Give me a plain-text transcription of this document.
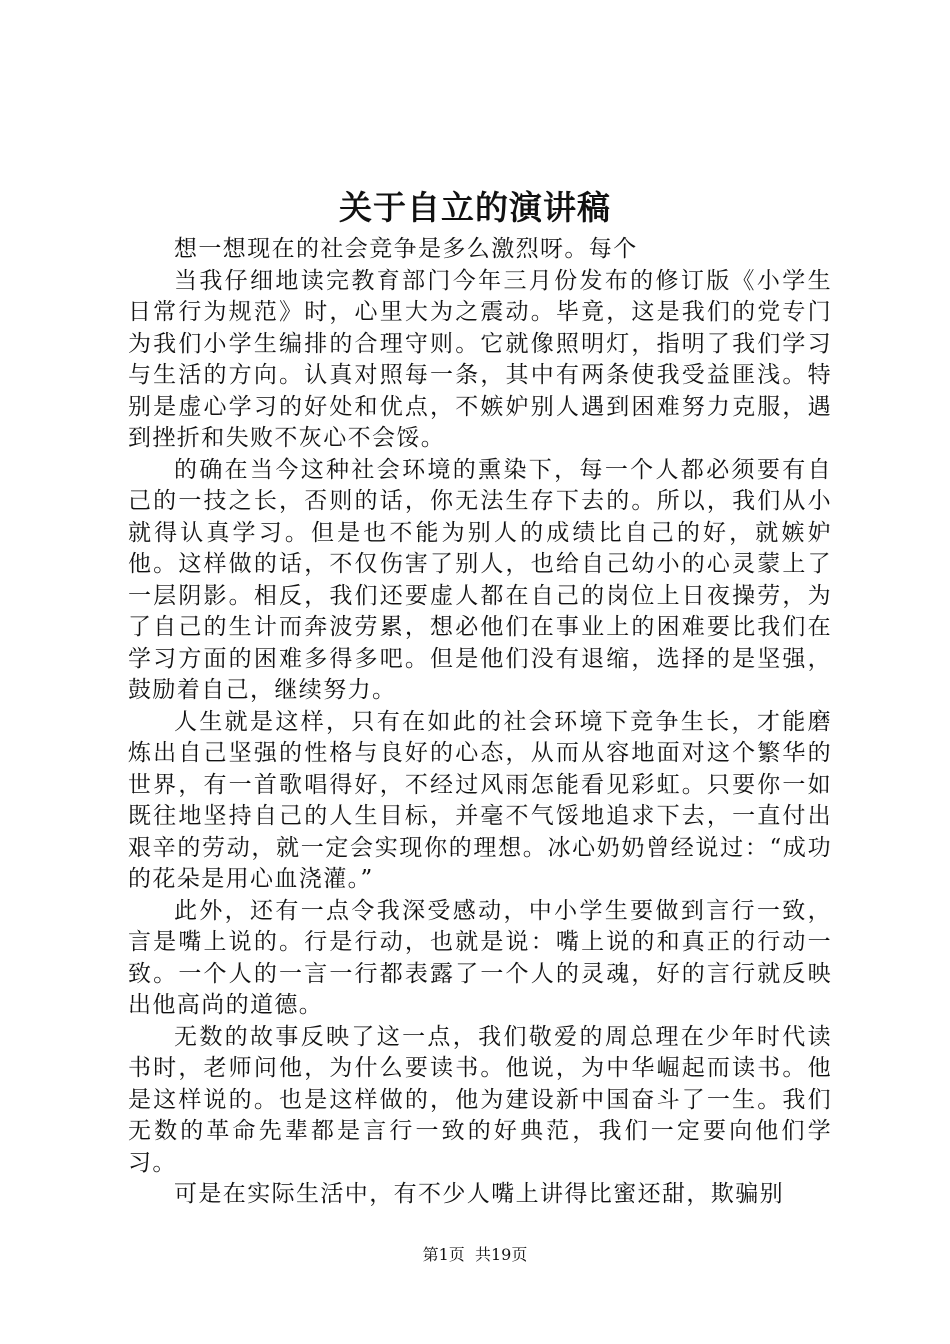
关于自立的演讲稿

想一想现在的社会竞争是多么激烈呀。每个

当我仔细地读完教育部门今年三月份发布的修订版《小学生日常行为规范》时，心里大为之震动。毕竟，这是我们的党专门为我们小学生编排的合理守则。它就像照明灯，指明了我们学习与生活的方向。认真对照每一条，其中有两条使我受益匪浅。特别是虚心学习的好处和优点，不嫉妒别人遇到困难努力克服，遇到挫折和失败不灰心不会馁。

的确在当今这种社会环境的熏染下，每一个人都必须要有自己的一技之长，否则的话，你无法生存下去的。所以，我们从小就得认真学习。但是也不能为别人的成绩比自己的好，就嫉妒他。这样做的话，不仅伤害了别人，也给自己幼小的心灵蒙上了一层阴影。相反，我们还要虚人都在自己的岗位上日夜操劳，为了自己的生计而奔波劳累，想必他们在事业上的困难要比我们在学习方面的困难多得多吧。但是他们没有退缩，选择的是坚强，鼓励着自己，继续努力。

人生就是这样，只有在如此的社会环境下竞争生长，才能磨炼出自己坚强的性格与良好的心态，从而从容地面对这个繁华的世界，有一首歌唱得好，不经过风雨怎能看见彩虹。只要你一如既往地坚持自己的人生目标，并毫不气馁地追求下去，一直付出艰辛的劳动，就一定会实现你的理想。冰心奶奶曾经说过：“成功的花朵是用心血浇灌。”

此外，还有一点令我深受感动，中小学生要做到言行一致，言是嘴上说的。行是行动，也就是说：嘴上说的和真正的行动一致。一个人的一言一行都表露了一个人的灵魂，好的言行就反映出他高尚的道德。

无数的故事反映了这一点，我们敬爱的周总理在少年时代读书时，老师问他，为什么要读书。他说，为中华崛起而读书。他是这样说的。也是这样做的，他为建设新中国奋斗了一生。我们无数的革命先辈都是言行一致的好典范，我们一定要向他们学习。

可是在实际生活中，有不少人嘴上讲得比蜜还甜，欺骗别

第1页 共19页
